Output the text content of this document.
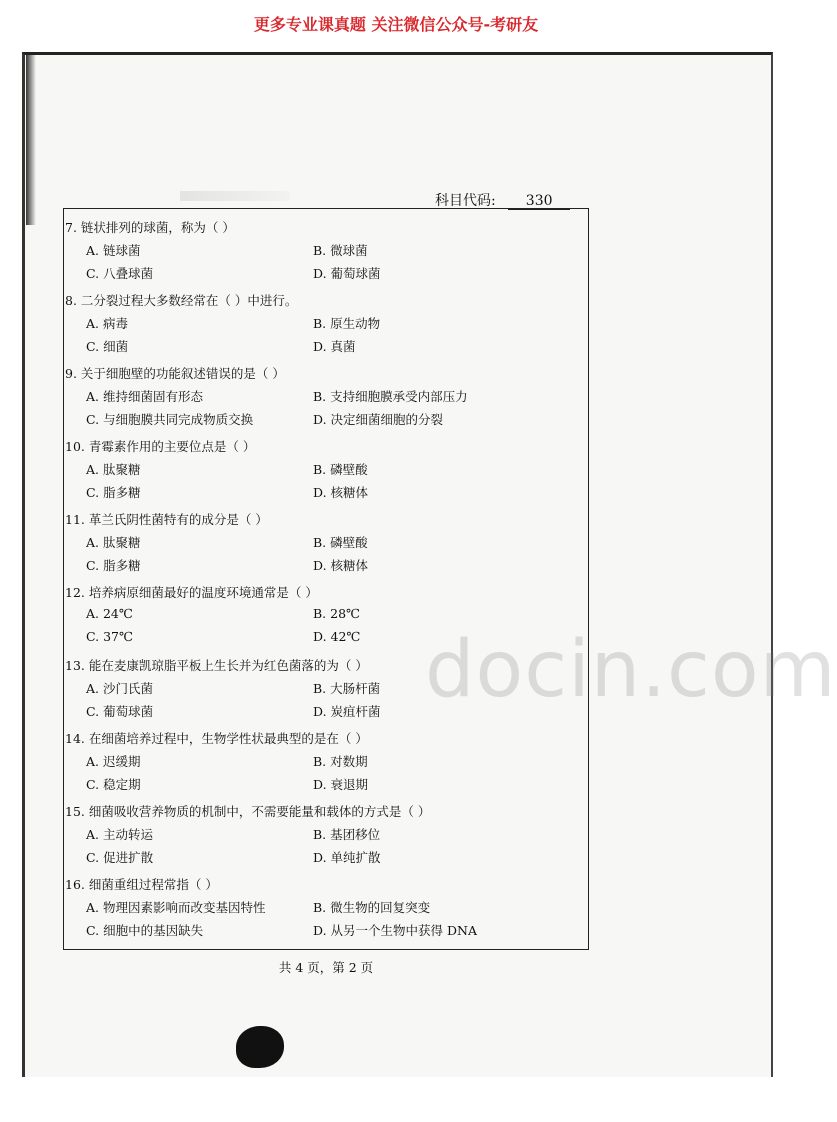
更多专业课真题 关注微信公众号-考研友
科目代码: 330
7. 链状排列的球菌，称为（ ）
A. 链球菌	B. 微球菌
C. 八叠球菌	D. 葡萄球菌
8. 二分裂过程大多数经常在（ ）中进行。
A. 病毒	B. 原生动物
C. 细菌	D. 真菌
9. 关于细胞壁的功能叙述错误的是（ ）
A. 维持细菌固有形态	B. 支持细胞膜承受内部压力
C. 与细胞膜共同完成物质交换	D. 决定细菌细胞的分裂
10. 青霉素作用的主要位点是（ ）
A. 肽聚糖	B. 磷壁酸
C. 脂多糖	D. 核糖体
11. 革兰氏阴性菌特有的成分是（ ）
A. 肽聚糖	B. 磷壁酸
C. 脂多糖	D. 核糖体
12. 培养病原细菌最好的温度环境通常是（ ）
A. 24℃	B. 28℃
C. 37℃	D. 42℃
13. 能在麦康凯琼脂平板上生长并为红色菌落的为（ ）
A. 沙门氏菌	B. 大肠杆菌
C. 葡萄球菌	D. 炭疽杆菌
14. 在细菌培养过程中，生物学性状最典型的是在（ ）
A. 迟缓期	B. 对数期
C. 稳定期	D. 衰退期
15. 细菌吸收营养物质的机制中，不需要能量和载体的方式是（ ）
A. 主动转运	B. 基团移位
C. 促进扩散	D. 单纯扩散
16. 细菌重组过程常指（ ）
A. 物理因素影响而改变基因特性	B. 微生物的回复突变
C. 细胞中的基因缺失	D. 从另一个生物中获得 DNA
docin.com
共 4 页，第 2 页
